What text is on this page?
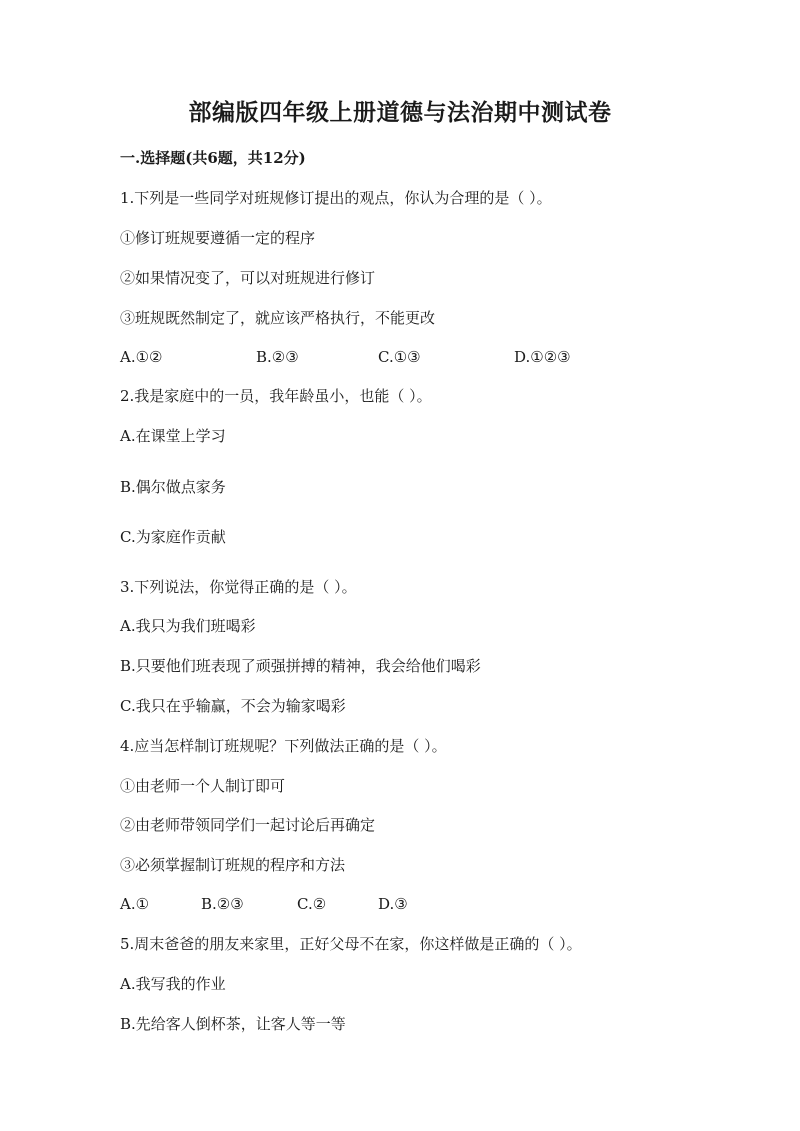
部编版四年级上册道德与法治期中测试卷
一.选择题(共6题，共12分)
1.下列是一些同学对班规修订提出的观点，你认为合理的是（ ）。
①修订班规要遵循一定的程序
②如果情况变了，可以对班规进行修订
③班规既然制定了，就应该严格执行，不能更改
A.①②	B.②③	C.①③	D.①②③
2.我是家庭中的一员，我年龄虽小，也能（ ）。
A.在课堂上学习
B.偶尔做点家务
C.为家庭作贡献
3.下列说法，你觉得正确的是（ ）。
A.我只为我们班喝彩
B.只要他们班表现了顽强拼搏的精神，我会给他们喝彩
C.我只在乎输赢，不会为输家喝彩
4.应当怎样制订班规呢？下列做法正确的是（ ）。
①由老师一个人制订即可
②由老师带领同学们一起讨论后再确定
③必须掌握制订班规的程序和方法
A.①	B.②③	C.②	D.③
5.周末爸爸的朋友来家里，正好父母不在家，你这样做是正确的（ ）。
A.我写我的作业
B.先给客人倒杯茶，让客人等一等
